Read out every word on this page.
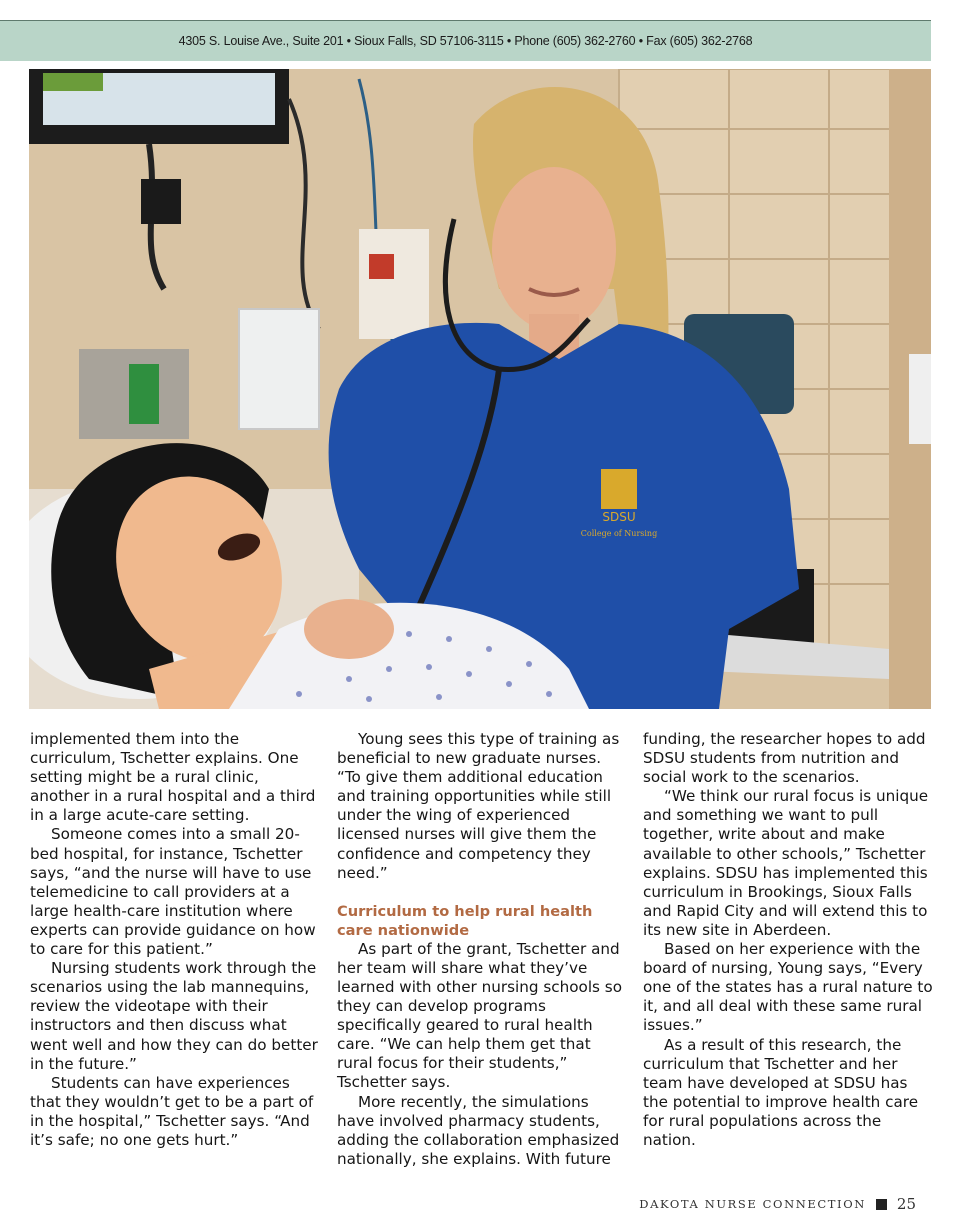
4305 S. Louise Ave., Suite 201 • Sioux Falls, SD 57106-3115 • Phone (605) 362-2760 • Fax (605) 362-2768
SDSU
College of Nursing

implemented them into the curriculum, Tschetter explains. One setting might be a rural clinic, another in a rural hospital and a third in a large acute-care setting.

Someone comes into a small 20-bed hospital, for instance, Tschetter says, “and the nurse will have to use telemedicine to call providers at a large health-care institution where experts can provide guidance on how to care for this patient.”

Nursing students work through the scenarios using the lab mannequins, review the videotape with their instructors and then discuss what went well and how they can do better in the future.”

Students can have experiences that they wouldn’t get to be a part of in the hospital,” Tschetter says. “And it’s safe; no one gets hurt.”

Young sees this type of training as beneficial to new graduate nurses. “To give them additional education and training opportunities while still under the wing of experienced licensed nurses will give them the confidence and competency they need.”

Curriculum to help rural health care nationwide

As part of the grant, Tschetter and her team will share what they’ve learned with other nursing schools so they can develop programs specifically geared to rural health care. “We can help them get that rural focus for their students,” Tschetter says.

More recently, the simulations have involved pharmacy students, adding the collaboration emphasized nationally, she explains. With future

funding, the researcher hopes to add SDSU students from nutrition and social work to the scenarios.

“We think our rural focus is unique and something we want to pull together, write about and make available to other schools,” Tschetter explains. SDSU has implemented this curriculum in Brookings, Sioux Falls and Rapid City and will extend this to its new site in Aberdeen.

Based on her experience with the board of nursing, Young says, “Every one of the states has a rural nature to it, and all deal with these same rural issues.”

As a result of this research, the curriculum that Tschetter and her team have developed at SDSU has the potential to improve health care for rural populations across the nation.

DAKOTA NURSE CONNECTION 25
